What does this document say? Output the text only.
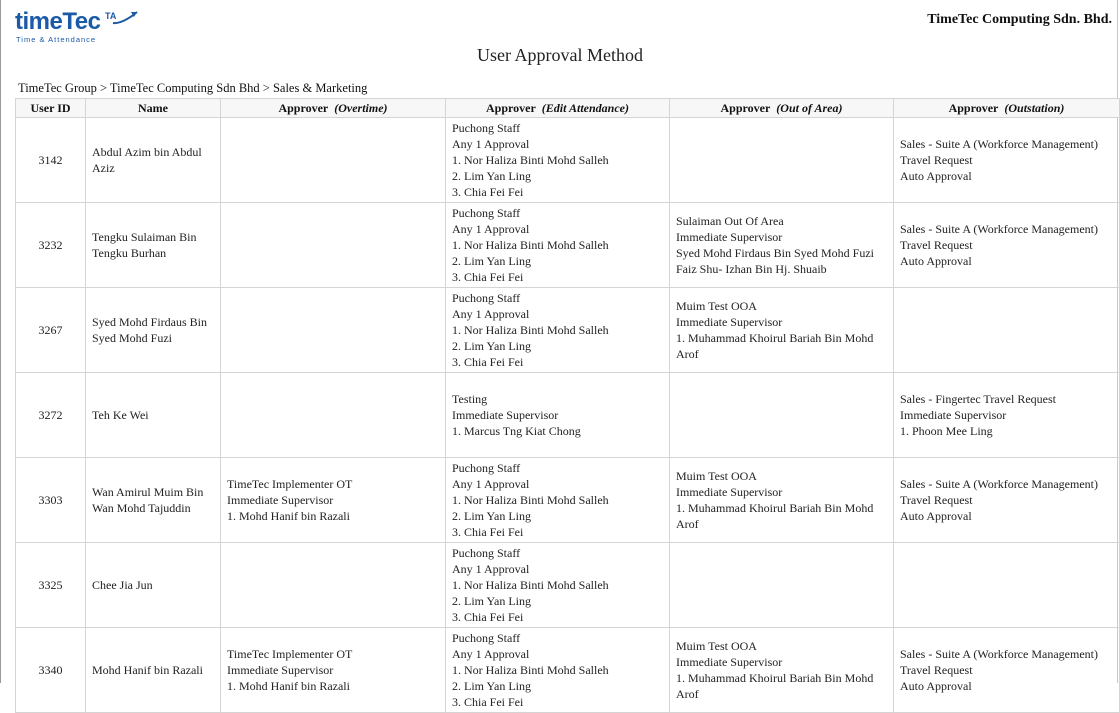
timeTec TA
Time & Attendance
TimeTec Computing Sdn. Bhd.
User Approval Method
TimeTec Group > TimeTec Computing Sdn Bhd > Sales & Marketing
User ID	Name	Approver (Overtime)	Approver (Edit Attendance)	Approver (Out of Area)	Approver (Outstation)
3142	Abdul Azim bin Abdul Aziz		Puchong Staff
Any 1 Approval
1. Nor Haliza Binti Mohd Salleh
2. Lim Yan Ling
3. Chia Fei Fei		Sales - Suite A (Workforce Management) Travel Request
Auto Approval

3232	Tengku Sulaiman Bin Tengku Burhan		Puchong Staff
Any 1 Approval
1. Nor Haliza Binti Mohd Salleh
2. Lim Yan Ling
3. Chia Fei Fei	Sulaiman Out Of Area
Immediate Supervisor
Syed Mohd Firdaus Bin Syed Mohd Fuzi
Faiz Shu- Izhan Bin Hj. Shuaib	Sales - Suite A (Workforce Management) Travel Request
Auto Approval

3267	Syed Mohd Firdaus Bin Syed Mohd Fuzi		Puchong Staff
Any 1 Approval
1. Nor Haliza Binti Mohd Salleh
2. Lim Yan Ling
3. Chia Fei Fei	Muim Test OOA
Immediate Supervisor
1. Muhammad Khoirul Bariah Bin Mohd Arof	

3272	Teh Ke Wei		Testing
Immediate Supervisor
1. Marcus Tng Kiat Chong		Sales - Fingertec Travel Request
Immediate Supervisor
1. Phoon Mee Ling

3303	Wan Amirul Muim Bin Wan Mohd Tajuddin	TimeTec Implementer OT
Immediate Supervisor
1. Mohd Hanif bin Razali	Puchong Staff
Any 1 Approval
1. Nor Haliza Binti Mohd Salleh
2. Lim Yan Ling
3. Chia Fei Fei	Muim Test OOA
Immediate Supervisor
1. Muhammad Khoirul Bariah Bin Mohd Arof	Sales - Suite A (Workforce Management) Travel Request
Auto Approval

3325	Chee Jia Jun		Puchong Staff
Any 1 Approval
1. Nor Haliza Binti Mohd Salleh
2. Lim Yan Ling
3. Chia Fei Fei		

3340	Mohd Hanif bin Razali	TimeTec Implementer OT
Immediate Supervisor
1. Mohd Hanif bin Razali	Puchong Staff
Any 1 Approval
1. Nor Haliza Binti Mohd Salleh
2. Lim Yan Ling
3. Chia Fei Fei	Muim Test OOA
Immediate Supervisor
1. Muhammad Khoirul Bariah Bin Mohd Arof	Sales - Suite A (Workforce Management) Travel Request
Auto Approval
